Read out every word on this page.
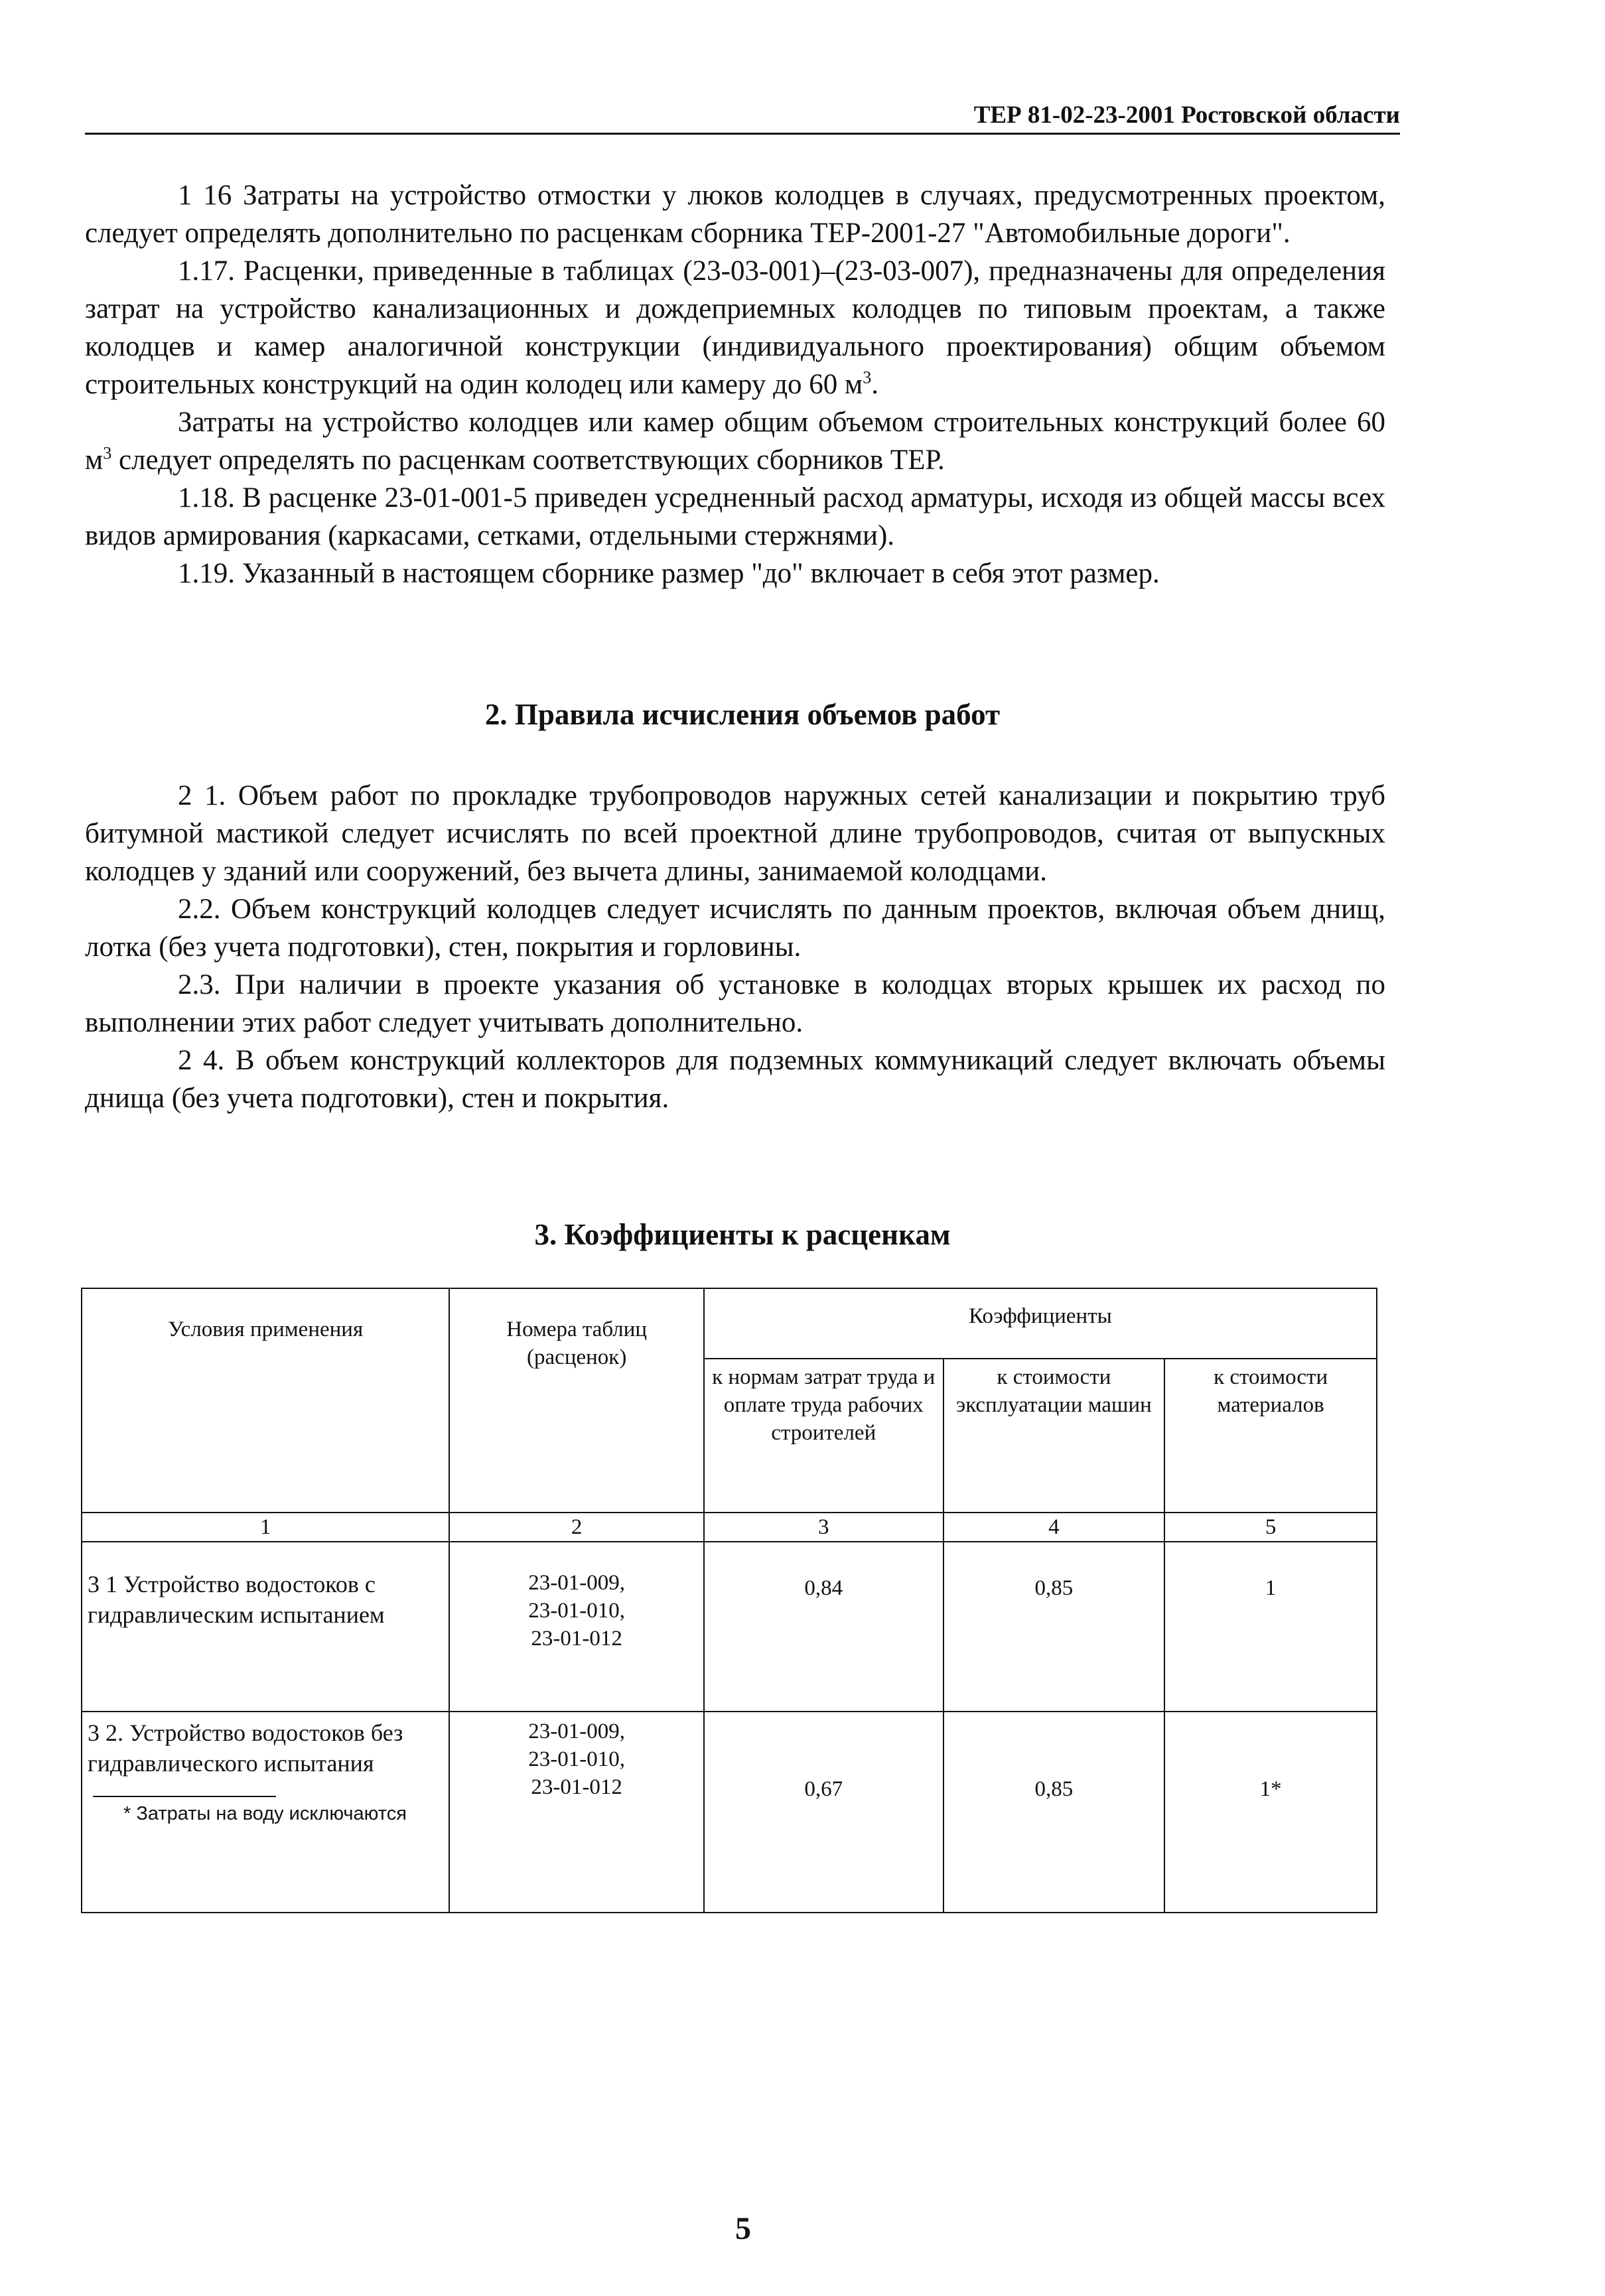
ТЕР 81-02-23-2001 Ростовской области

1 16 Затраты на устройство отмостки у люков колодцев в случаях, предусмотренных проектом, следует определять дополнительно по расценкам сборника ТЕР-2001-27 "Автомобильные дороги".

1.17. Расценки, приведенные в таблицах (23-03-001)–(23-03-007), предназначены для определения затрат на устройство канализационных и дождеприемных колодцев по типовым проектам, а также колодцев и камер аналогичной конструкции (индивидуального проектирования) общим объемом строительных конструкций на один колодец или камеру до 60 $м^3$.

Затраты на устройство колодцев или камер общим объемом строительных конструкций более 60 $м^3$ следует определять по расценкам соответствующих сборников ТЕР.

1.18. В расценке 23-01-001-5 приведен усредненный расход арматуры, исходя из общей массы всех видов армирования (каркасами, сетками, отдельными стержнями).

1.19. Указанный в настоящем сборнике размер "до" включает в себя этот размер.

2. Правила исчисления объемов работ

2 1. Объем работ по прокладке трубопроводов наружных сетей канализации и покрытию труб битумной мастикой следует исчислять по всей проектной длине трубопроводов, считая от выпускных колодцев у зданий или сооружений, без вычета длины, занимаемой колодцами.

2.2. Объем конструкций колодцев следует исчислять по данным проектов, включая объем днищ, лотка (без учета подготовки), стен, покрытия и горловины.

2.3. При наличии в проекте указания об установке в колодцах вторых крышек их расход по выполнении этих работ следует учитывать дополнительно.

2 4. В объем конструкций коллекторов для подземных коммуникаций следует включать объемы днища (без учета подготовки), стен и покрытия.

3. Коэффициенты к расценкам
Условия применения	Номера таблиц (расценок)	Коэффициенты		
		к нормам затрат труда и оплате труда рабочих строителей	к стоимости эксплуатации машин	к стоимости материалов
1	2	3	4	5
3 1 Устройство водостоков с гидравлическим испытанием	23-01-009,
23-01-010,
23-01-012	0,84	0,85	1
3 2. Устройство водостоков без гидравлического испытания	23-01-009,
23-01-010,
23-01-012	0,67	0,85	1*
* Затраты на воду исключаются
5
